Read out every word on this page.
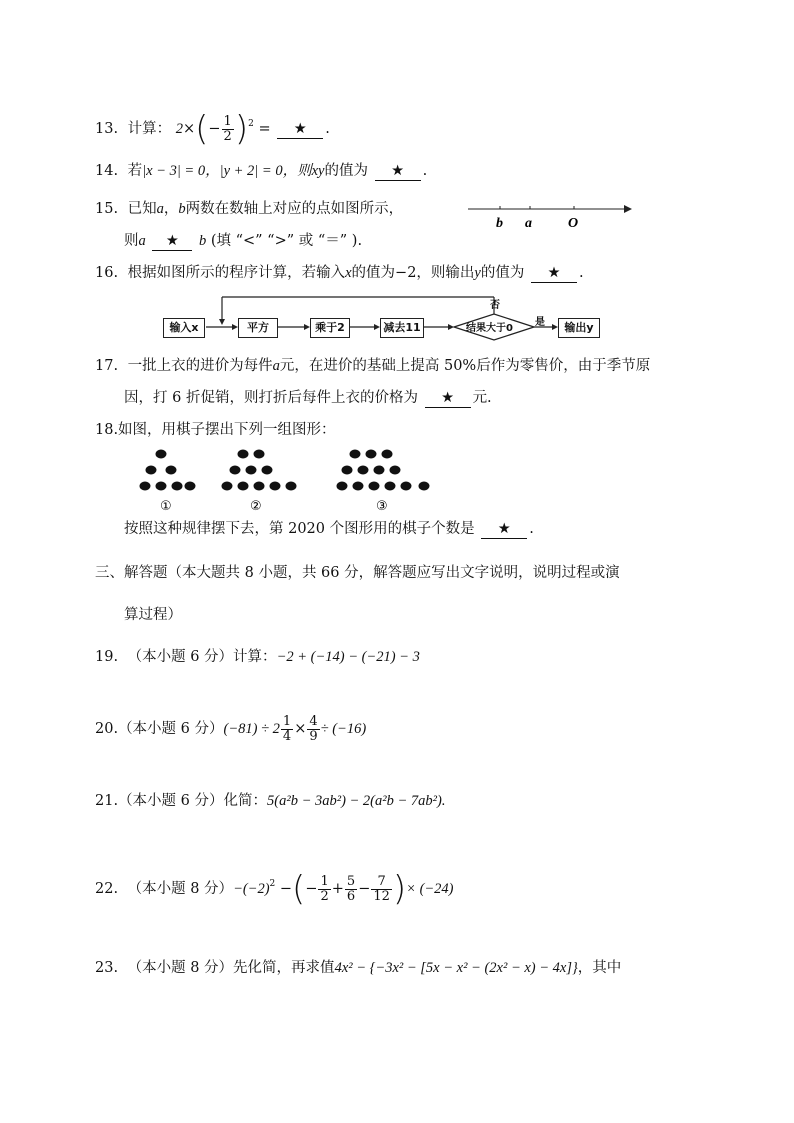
13. 计算： $2\times(- \frac{1}{2} )^2$ = ★ .
14. 若|x − 3| = 0，|y + 2| = 0，则xy的值为 ★ .
15. 已知a，b两数在数轴上对应的点如图所示，
b a	O
则a ★ b (填 “<” “>” 或 “＝” ).
16. 根据如图所示的程序计算，若输入x的值为−2，则输出y的值为 ★ .
输入x	平方	乘于2	减去11	结果大于0
否
是	输出y
17. 一批上衣的进价为每件a元，在进价的基础上提高 50%后作为零售价，由于季节原
因，打 6 折促销，则打折后每件上衣的价格为 ★ 元.
18.如图，用棋子摆出下列一组图形：
①	②	③
按照这种规律摆下去，第 2020 个图形用的棋子个数是 ★ .
三、解答题（本大题共 8 小题，共 66 分，解答题应写出文字说明，说明过程或演
算过程）
19. （本小题 6 分）计算：−2 + (−14) − (−21) − 3
20.（本小题 6 分）$(-81) \div 2 \frac{1}{4} \times \frac{4}{9} \div (-16)$
21.（本小题 6 分）化简：5(a²b − 3ab²) − 2(a²b − 7ab²).
22. （本小题 8 分）$-(-2)^2$ −(− $\frac{1}{2} + \frac{5}{6} - \frac{7}{12}$ )× (−24)
23. （本小题 8 分）先化简，再求值4x² − {−3x² − [5x − x² − (2x² − x) − 4x]}，其中
